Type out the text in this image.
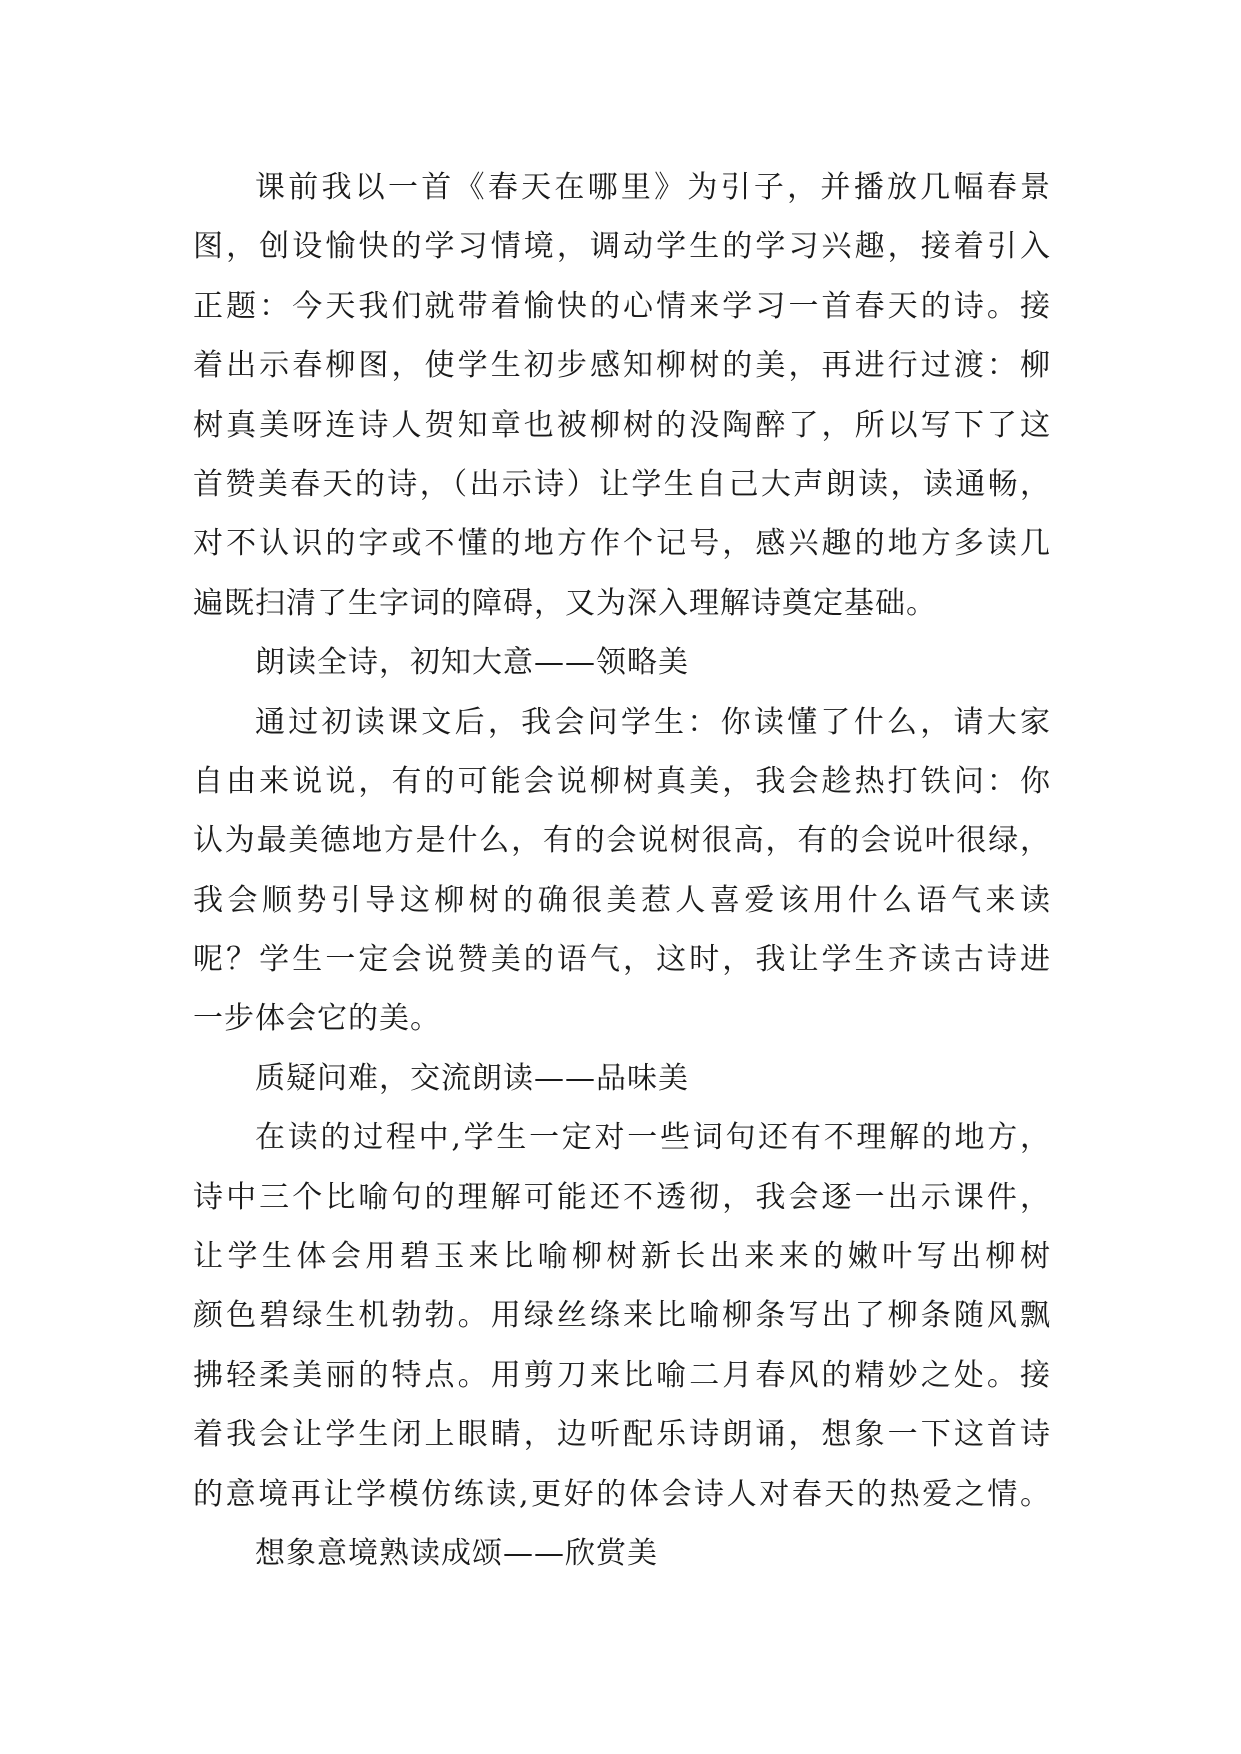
课前我以一首《春天在哪里》为引子，并播放几幅春景
图，创设愉快的学习情境，调动学生的学习兴趣，接着引入
正题：今天我们就带着愉快的心情来学习一首春天的诗。接
着出示春柳图，使学生初步感知柳树的美，再进行过渡：柳
树真美呀连诗人贺知章也被柳树的没陶醉了，所以写下了这
首赞美春天的诗，（出示诗）让学生自己大声朗读，读通畅，
对不认识的字或不懂的地方作个记号，感兴趣的地方多读几
遍既扫清了生字词的障碍，又为深入理解诗奠定基础。
朗读全诗，初知大意——领略美
通过初读课文后，我会问学生：你读懂了什么，请大家
自由来说说，有的可能会说柳树真美，我会趁热打铁问：你
认为最美德地方是什么，有的会说树很高，有的会说叶很绿，
我会顺势引导这柳树的确很美惹人喜爱该用什么语气来读
呢？学生一定会说赞美的语气，这时，我让学生齐读古诗进
一步体会它的美。
质疑问难，交流朗读——品味美
在读的过程中,学生一定对一些词句还有不理解的地方，
诗中三个比喻句的理解可能还不透彻，我会逐一出示课件，
让学生体会用碧玉来比喻柳树新长出来来的嫩叶写出柳树
颜色碧绿生机勃勃。用绿丝绦来比喻柳条写出了柳条随风飘
拂轻柔美丽的特点。用剪刀来比喻二月春风的精妙之处。接
着我会让学生闭上眼睛，边听配乐诗朗诵，想象一下这首诗
的意境再让学模仿练读,更好的体会诗人对春天的热爱之情。
想象意境熟读成颂——欣赏美
